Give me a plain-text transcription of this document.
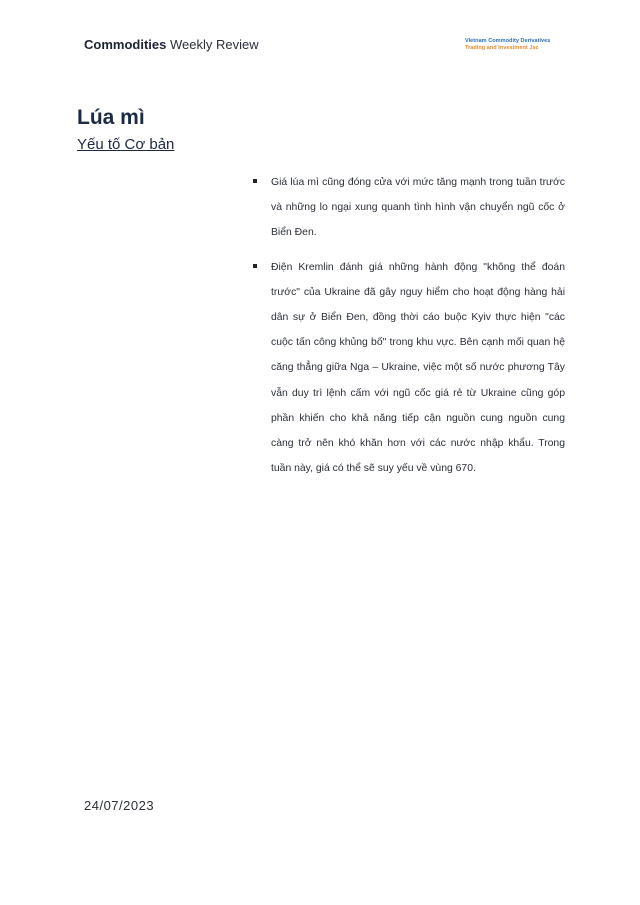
Commodities Weekly Review	Vietnam Commodity Derivatives
Trading and Investment Jsc
Lúa mì
Yếu tố Cơ bản
Giá lúa mì cũng đóng cửa với mức tăng mạnh trong tuần trước và những lo ngại xung quanh tình hình vận chuyển ngũ cốc ở Biển Đen.
Điện Kremlin đánh giá những hành động "không thể đoán trước" của Ukraine đã gây nguy hiểm cho hoạt động hàng hải dân sự ở Biển Đen, đồng thời cáo buộc Kyiv thực hiện "các cuộc tấn công khủng bố" trong khu vực. Bên cạnh mối quan hệ căng thẳng giữa Nga – Ukraine, việc một số nước phương Tây vẫn duy trì lệnh cấm với ngũ cốc giá rẻ từ Ukraine cũng góp phần khiến cho khả năng tiếp cận nguồn cung nguồn cung càng trở nên khó khăn hơn với các nước nhập khẩu. Trong tuần này, giá có thể sẽ suy yếu về vùng 670.
24/07/2023
